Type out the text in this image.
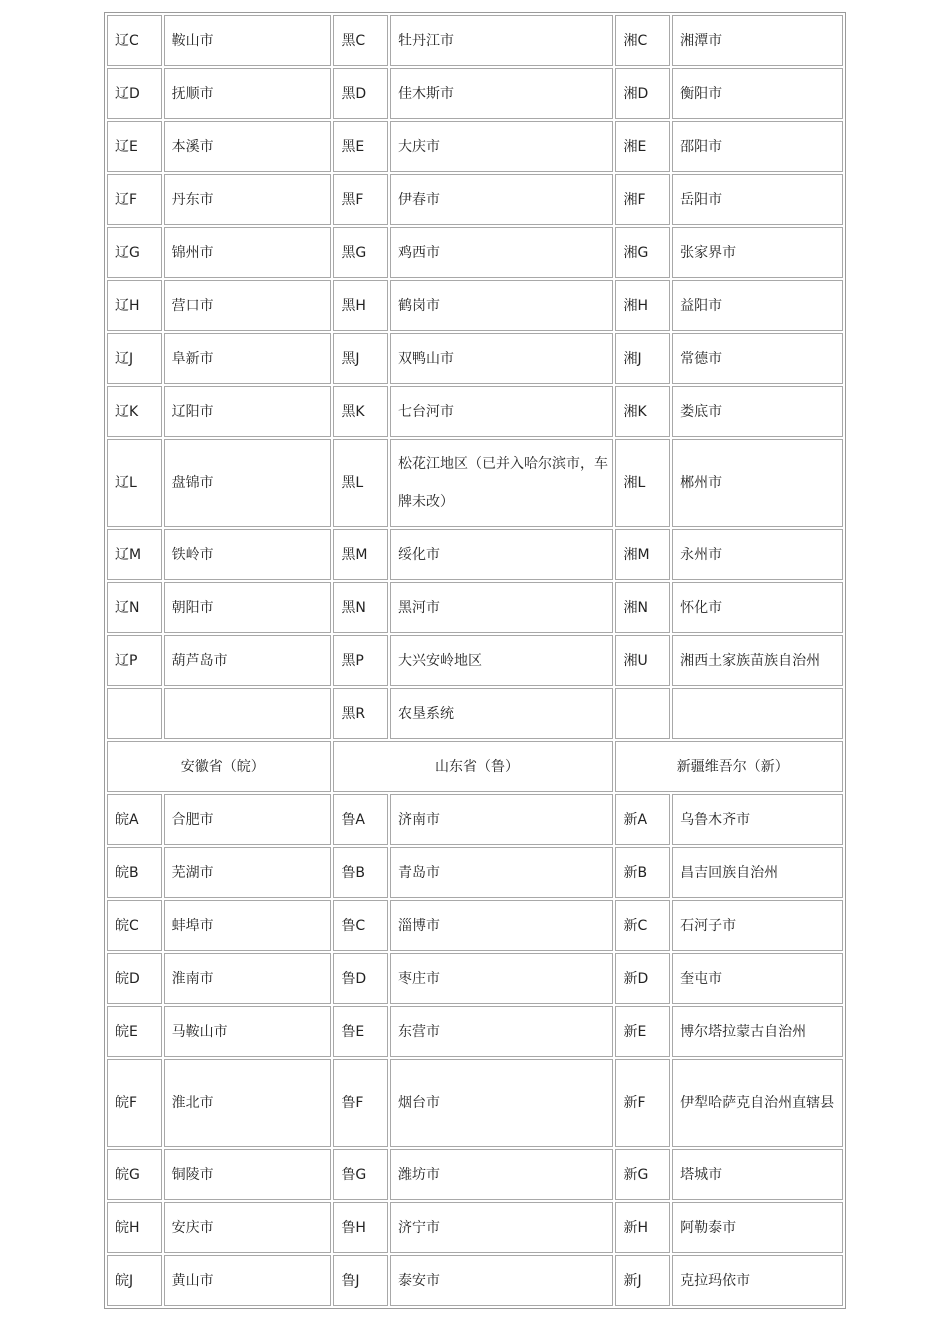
辽C	鞍山市	黑C	牡丹江市	湘C	湘潭市
辽D	抚顺市	黑D	佳木斯市	湘D	衡阳市
辽E	本溪市	黑E	大庆市	湘E	邵阳市
辽F	丹东市	黑F	伊春市	湘F	岳阳市
辽G	锦州市	黑G	鸡西市	湘G	张家界市
辽H	营口市	黑H	鹤岗市	湘H	益阳市
辽J	阜新市	黑J	双鸭山市	湘J	常德市
辽K	辽阳市	黑K	七台河市	湘K	娄底市
辽L	盘锦市	黑L	松花江地区（已并入哈尔滨市，车牌未改）	湘L	郴州市
辽M	铁岭市	黑M	绥化市	湘M	永州市
辽N	朝阳市	黑N	黑河市	湘N	怀化市
辽P	葫芦岛市	黑P	大兴安岭地区	湘U	湘西土家族苗族自治州
		黑R	农垦系统		
安徽省（皖）		山东省（鲁）		新疆维吾尔（新）	
皖A	合肥市	鲁A	济南市	新A	乌鲁木齐市
皖B	芜湖市	鲁B	青岛市	新B	昌吉回族自治州
皖C	蚌埠市	鲁C	淄博市	新C	石河子市
皖D	淮南市	鲁D	枣庄市	新D	奎屯市
皖E	马鞍山市	鲁E	东营市	新E	博尔塔拉蒙古自治州
皖F	淮北市	鲁F	烟台市	新F	伊犁哈萨克自治州直辖县
皖G	铜陵市	鲁G	潍坊市	新G	塔城市
皖H	安庆市	鲁H	济宁市	新H	阿勒泰市
皖J	黄山市	鲁J	泰安市	新J	克拉玛依市
